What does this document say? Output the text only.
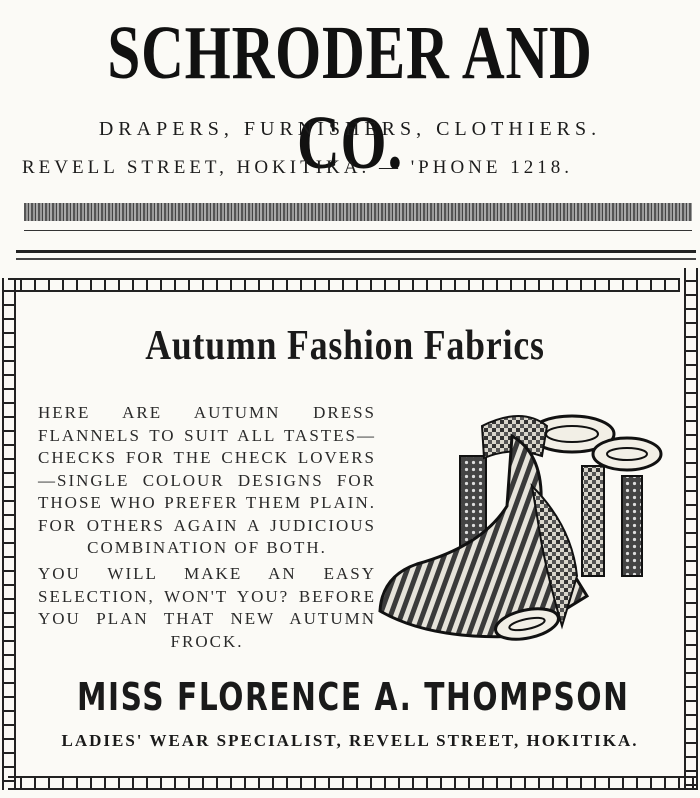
SCHRODER AND CO.
DRAPERS, FURNISHERS, CLOTHIERS.
REVELL STREET, HOKITIKA. — 'PHONE 1218.
Autumn Fashion Fabrics
HERE ARE AUTUMN DRESS FLANNELS TO SUIT ALL TASTES—CHECKS FOR THE CHECK LOVERS—SINGLE COLOUR DESIGNS FOR THOSE WHO PREFER THEM PLAIN. FOR OTHERS AGAIN A JUDICIOUS COMBINATION OF BOTH.
YOU WILL MAKE AN EASY SELECTION, WON'T YOU? BEFORE YOU PLAN THAT NEW AUTUMN FROCK.
MISS FLORENCE A. THOMPSON
LADIES' WEAR SPECIALIST, REVELL STREET, HOKITIKA.
